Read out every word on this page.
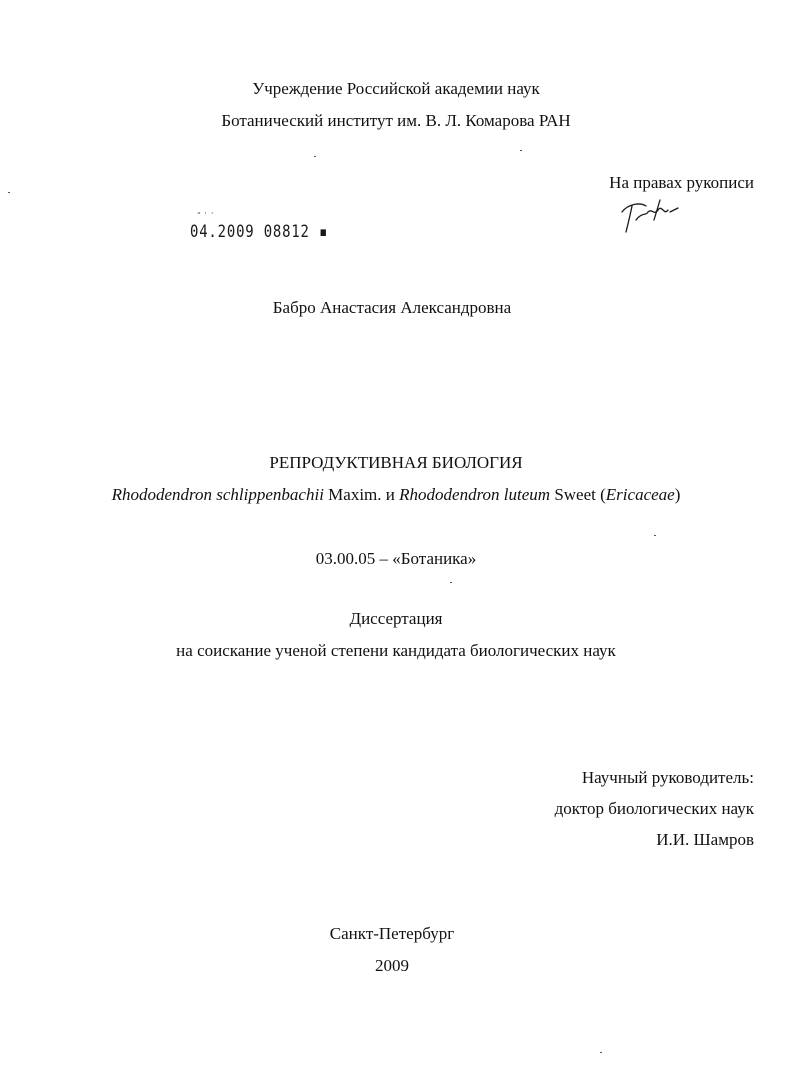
Учреждение Российской академии наук
Ботанический институт им. В. Л. Комарова РАН
На правах рукописи
˘˙˙
04.2009 08812 ▪
Бабро Анастасия Александровна
РЕПРОДУКТИВНАЯ БИОЛОГИЯ
Rhododendron schlippenbachii Maxim. и Rhododendron luteum Sweet (Ericaceae)
03.00.05 – «Ботаника»
Диссертация
на соискание ученой степени кандидата биологических наук
Научный руководитель:
доктор биологических наук
И.И. Шамров
Санкт-Петербург
2009
